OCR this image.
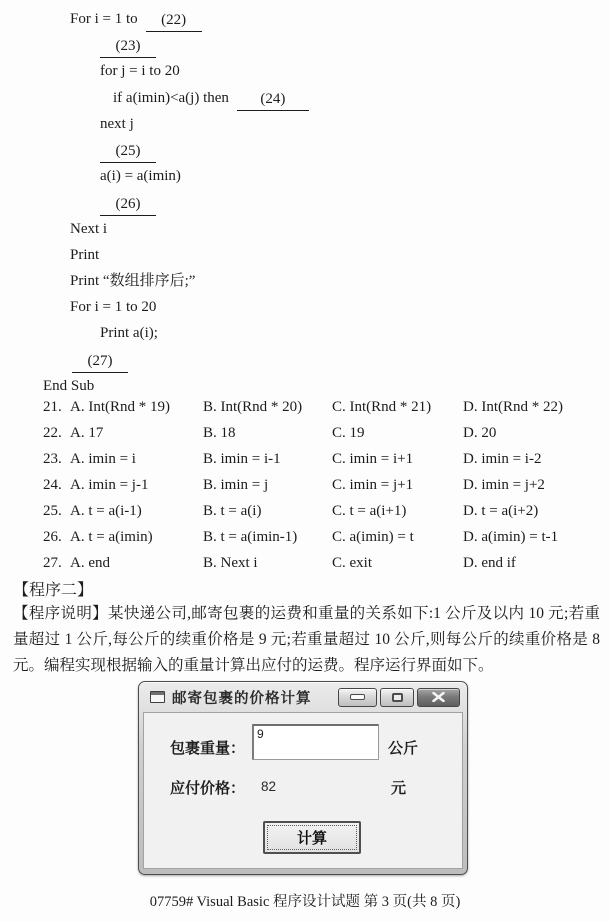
For i = 1 to (22)
(23)
for j = i to 20
if a(imin)<a(j) then (24)
next j
(25)
a(i) = a(imin)
(26)
Next i
Print
Print “数组排序后;”
For i = 1 to 20
Print a(i);
(27)
End Sub
21. A. Int(Rnd * 19)	B. Int(Rnd * 20)	C. Int(Rnd * 21)	D. Int(Rnd * 22)
22. A. 17	B. 18	C. 19	D. 20
23. A. imin = i	B. imin = i-1	C. imin = i+1	D. imin = i-2
24. A. imin = j-1	B. imin = j	C. imin = j+1	D. imin = j+2
25. A. t = a(i-1)	B. t = a(i)	C. t = a(i+1)	D. t = a(i+2)
26. A. t = a(imin)	B. t = a(imin-1)	C. a(imin) = t	D. a(imin) = t-1
27. A. end	B. Next i	C. exit	D. end if
【程序二】
【程序说明】某快递公司,邮寄包裹的运费和重量的关系如下:1 公斤及以内 10 元;若重量超过 1 公斤,每公斤的续重价格是 9 元;若重量超过 10 公斤,则每公斤的续重价格是 8 元。编程实现根据输入的重量计算出应付的运费。程序运行界面如下。
邮寄包裹的价格计算
包裹重量：
9	公斤
应付价格： 82	元
计算
07759# Visual Basic 程序设计试题 第 3 页(共 8 页)
